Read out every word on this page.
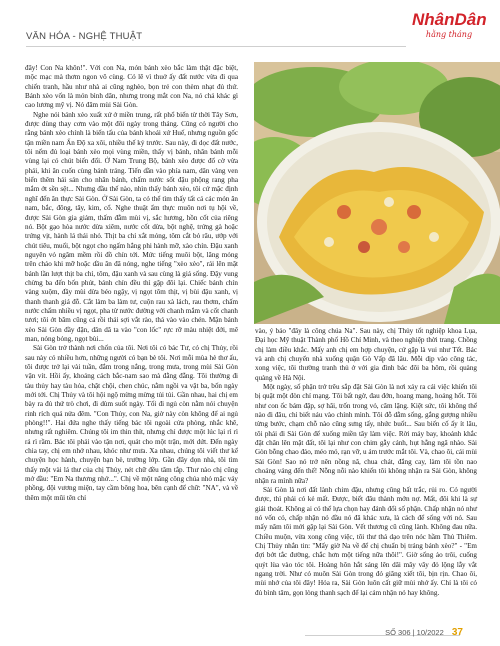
VĂN HÓA - NGHỆ THUẬT
NhânDân
hằng tháng

đây! Con Na khôn!". Với con Na, món bánh xèo bắc làm thật đặc biệt, mộc mạc mà thơm ngon vô cùng. Có lẽ vì thuở ấy đất nước vừa đi qua chiến tranh, hầu như nhà ai cũng nghèo, bọn trẻ con thèm nhạt đủ thứ. Bánh xèo vốn là món bình dân, nhưng trong mắt con Na, nó chả khác gì cao lương mỹ vị. Nó đâm mùi Sài Gòn.

Nghe nói bánh xèo xuất xứ ở miền trung, rất phổ biến từ thời Tây Sơn, được dùng thay cơm vào một đôi ngày trong tháng. Cũng có người cho rằng bánh xèo chính là biến tấu của bánh khoái xứ Huế, nhưng nguồn gốc tận miền nam Ấn Độ xa xôi, nhiều thế kỷ trước. Sau này, đi dọc đất nước, tôi nếm đủ loại bánh xèo mọi vùng miền, thấy vị bánh, nhân bánh mỗi vùng lại có chút biến đổi. Ở Nam Trung Bộ, bánh xèo được đổ cờ vừa phải, khi ăn cuốn cùng bánh tráng. Tiến dần vào phía nam, dân vàng ven biển thêm hải sản cho nhân bánh, chấm nước sốt đậu phộng rang pha mắm ớt sền sệt... Nhưng đầu thế nào, nhìn thấy bánh xèo, tôi cứ mặc định nghĩ đến ăn thực Sài Gòn. Ở Sài Gòn, ta có thể tìm thấy tất cả các món ăn nam, bắc, đông, tây, kim, cổ. Nghe thuật ẩm thực muôn nơi tụ hội về, được Sài Gòn gia giảm, thấm đẫm mùi vị, sắc hương, hồn cốt của riêng nó. Bột gạo hòa nước dừa xiêm, nước cốt dừa, bột nghệ, trứng gà hoặc trứng vịt, hành lá thái nhỏ. Thịt ba chỉ xắt mỏng, tôm cắt bỏ râu, ướp với chút tiêu, muối, bột ngọt cho ngấm hẳng phi hành mỡ, xào chín. Đậu xanh nguyên vỏ ngâm mềm rồi đồ chín tới. Mức tiếng muôi bột, lăng mỏng trên chảo khi mỡ hoặc dầu ăn đã nóng, nghe tiếng "xèo xèo", rải lên mặt bánh lần lượt thịt ba chỉ, tôm, đậu xanh và sau cùng là giá sống. Đậy vung chừng ba đến bốn phút, bánh chín đều thì gập đôi lại. Chiếc bánh chín vàng xuộm, đầy mùi dừa béo ngậy, vị ngọt tôm thịt, vị bùi đậu xanh, vị thanh thanh giá đỗ. Cắt làm ba làm tư, cuộn rau xà lách, rau thơm, chấm nước chấm nhiều vị ngọt, pha từ nước đường với chanh mắm và cốt chanh tươi; tôi ớt băm cũng cả rồi thái sợi vắt rào, thả vào vào chén. Mặn bánh xèo Sài Gòn đầy đặn, dân dã ta vào "con lốc" rực rỡ màu nhiệt đới, mê man, nóng bỏng, ngọt bùi...

Sài Gòn trở thành nơi chốn của tôi. Nơi tôi có bác Tư, có chị Thủy, rồi sau này có nhiều hơn, những người có bạn bè tôi. Nơi mỗi mùa hè thơ ấu, tôi được trở lại vài tuần, đắm trong nắng, trong mưa, trong mùi Sài Gòn vận vít. Hồi ấy, khoảng cách bắc-nam sao mà đằng đẵng. Tôi thường đi tàu thủy hay tàu hỏa, chật chội, chen chúc, nằm ngồi va vật ba, bốn ngày mới tới. Chị Thủy và tôi hội ngộ mừng mừng tủi tủi. Gần nhau, hai chị em bày ra đủ thứ trò chơi, đi dùm suốt ngày. Tối đi ngủ còn nằm nói chuyện rinh rích quá nửa đêm. "Con Thủy, con Na, giờ này còn không để ai ngủ phòng!!". Hai đứa nghe thấy tiếng bác tôi ngoài cửa phòng, nhắc khẽ, nhưng rất nghiêm. Chúng tôi im thin thít, nhưng chỉ được một lúc lại rì rì rả rì rầm. Bác tôi phải vào tận nơi, quát cho một trận, mới dứt. Đến ngày chia tay, chị em nhớ nhau, khóc như mưa. Xa nhau, chúng tôi viết thư kể chuyện học hành, chuyện bạn bè, trường lớp. Gần đây dọn nhà, tôi tìm thấy một vài lá thư của chị Thủy, nét chữ đều tăm tắp. Thư nào chị cũng mở đầu: "Em Na thương nhớ...". Chị về một năng công chúa nhỏ mặc váy phồng, đội vương miện, tay cầm bông hoa, bên cạnh để chữ: "NA", và về thêm một mũi tên chỉ

vào, ý bảo "đây là công chúa Na". Sau này, chị Thủy tốt nghiệp khoa Lụa, Đại học Mỹ thuật Thành phố Hồ Chí Minh, và theo nghiệp thời trang. Chồng chị làm điều khắc. Mấy anh chị em hợp chuyện, cứ gặp là vui như Tết. Bác và anh chị chuyển nhà xuống quận Gò Vấp đã lâu. Mỗi dịp vào công tác, xong việc, tôi thường tranh thủ ở với gia đình bác đôi ba hôm, rồi quàng quàng về Hà Nội.

Một ngày, số phận trớ trêu sắp đặt Sài Gòn là nơi xảy ra cái việc khiến tôi bị quật một đòn chí mạng. Tôi bất ngờ, đau đớn, hoang mang, hoảng hốt. Tôi như con ốc bám đập, sợ hãi, trốn trong vỏ, câm lặng. Kiệt sức, tôi không thể nào đi đâu, chỉ biết náu vào chính mình. Tôi đỗ dẫm sống, gắng gượng nhiều từng bước, chạm chỗ nào cũng sưng tấy, nhức buốt... Sau biến cố ấy ít lâu, tôi phải đi Sài Gòn để xuống miền tây làm việc. Rời máy bay, khoảnh khắc đặt chân lên mặt đất, tôi lại như con chim gẫy cánh, hụt hẫng ngã nhào. Sài Gòn bỗng chao đảo, méo mó, rạn vỡ, u ám trước mắt tôi. Và, chao ôi, cái mùi Sài Gòn! Sao nó trở nên nồng nã, chua chát, đắng cay, làm tôi tồn nao choáng váng đến thế! Nỗng nỗi nào khiến tôi không nhận ra Sài Gòn, không nhận ra mình nữa?

Sài Gòn là nơi đất lành chim đậu, nhưng cũng bất trắc, rủi ro. Có người được, thì phải có kẻ mất. Được, biết đâu thành mớn nợ. Mất, đôi khi là sự giải thoát. Không ai có thể lựa chọn hay đánh đổi số phận. Chấp nhận nó như nó vốn có, chấp nhận nó đầu nó đã khác xưa, là cách để sống với nó. Sau mấy năm tôi mới gặp lại Sài Gòn. Vết thương cũ cũng lành. Không đau nữa. Chiều muộn, vừa xong công việc, tôi thư thả dạo trên nóc hầm Thủ Thiêm. Chị Thủy nhắn tin: "Mấy giờ Na về để chị chuẩn bị tráng bánh xèo?" - "Em đợi bớt tắc đường, chắc hơn một tiếng nữa thôi!". Giờ sống ảo trôi, cuống quýt lùa vào tóc tôi. Hoàng hôn hắt sáng lên dãi mây vây đỏ lộng lẫy vắt ngang trời. Như có muôn Sài Gòn trong đó giăng xiết tôi, bịn rịn. Chao ôi, mùi nhớ của tôi đây! Hóa ra, Sài Gòn luôn cất giữ mùi nhớ ấy. Chỉ là tôi có đủ bình tâm, gọn lòng thanh sạch để lại cảm nhận nó hay không.

SỐ 306 | 10/2022 37
